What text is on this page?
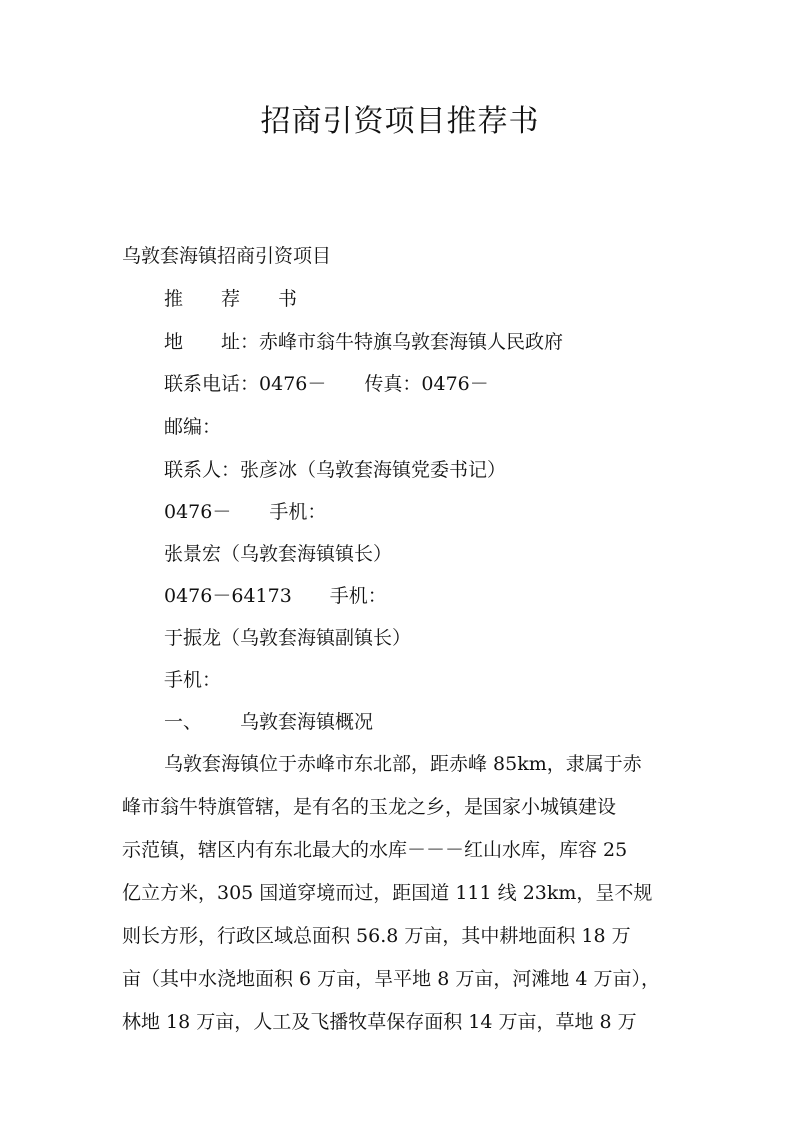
招商引资项目推荐书

乌敦套海镇招商引资项目

推 荐 书

地 址：赤峰市翁牛特旗乌敦套海镇人民政府

联系电话：0476－ 传真：0476－

邮编：

联系人：张彦冰（乌敦套海镇党委书记）

0476－ 手机：

张景宏（乌敦套海镇镇长）

0476－64173 手机：

于振龙（乌敦套海镇副镇长）

手机：

一、 乌敦套海镇概况

乌敦套海镇位于赤峰市东北部，距赤峰 85km，隶属于赤

峰市翁牛特旗管辖，是有名的玉龙之乡，是国家小城镇建设

示范镇，辖区内有东北最大的水库－－－红山水库，库容 25

亿立方米，305 国道穿境而过，距国道 111 线 23km，呈不规

则长方形，行政区域总面积 56.8 万亩，其中耕地面积 18 万

亩（其中水浇地面积 6 万亩，旱平地 8 万亩，河滩地 4 万亩），

林地 18 万亩，人工及飞播牧草保存面积 14 万亩，草地 8 万
